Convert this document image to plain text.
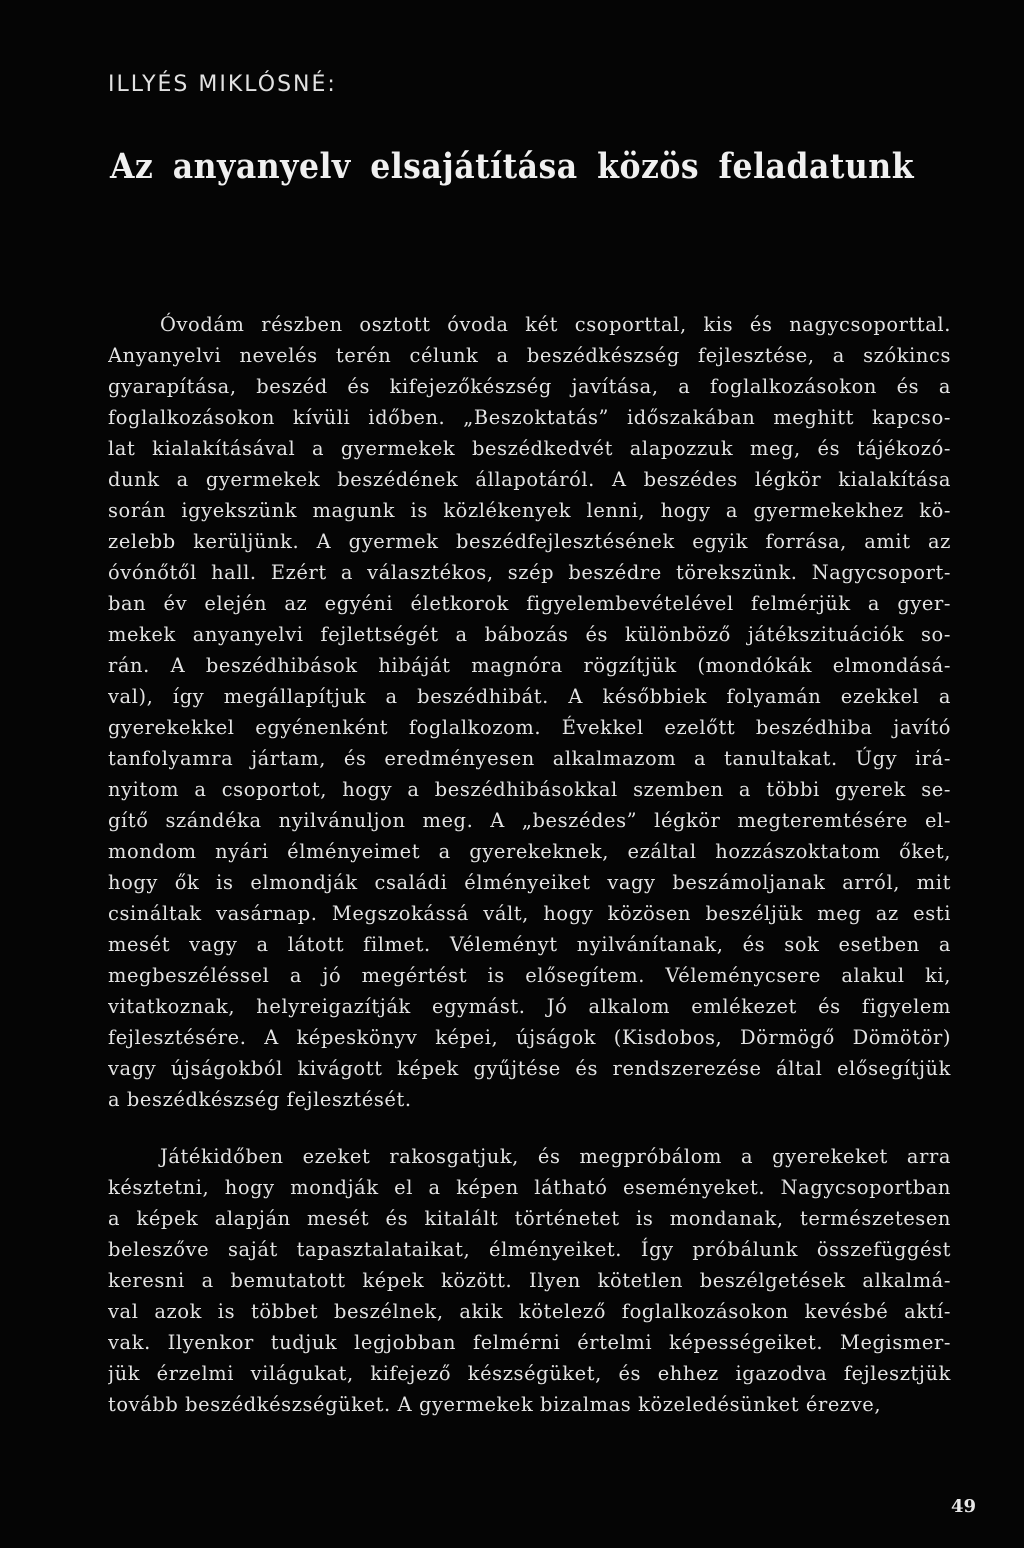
ILLYÉS MIKLÓSNÉ:
Az anyanyelv elsajátítása közös feladatunk
Óvodám részben osztott óvoda két csoporttal, kis és nagycsoporttal.
Anyanyelvi nevelés terén célunk a beszédkészség fejlesztése, a szókincs
gyarapítása, beszéd és kifejezőkészség javítása, a foglalkozásokon és a
foglalkozásokon kívüli időben. „Beszoktatás” időszakában meghitt kapcso-
lat kialakításával a gyermekek beszédkedvét alapozzuk meg, és tájékozó-
dunk a gyermekek beszédének állapotáról. A beszédes légkör kialakítása
során igyekszünk magunk is közlékenyek lenni, hogy a gyermekekhez kö-
zelebb kerüljünk. A gyermek beszédfejlesztésének egyik forrása, amit az
óvónőtől hall. Ezért a választékos, szép beszédre törekszünk. Nagycsoport-
ban év elején az egyéni életkorok figyelembevételével felmérjük a gyer-
mekek anyanyelvi fejlettségét a bábozás és különböző játékszituációk so-
rán. A beszédhibások hibáját magnóra rögzítjük (mondókák elmondásá-
val), így megállapítjuk a beszédhibát. A későbbiek folyamán ezekkel a
gyerekekkel egyénenként foglalkozom. Évekkel ezelőtt beszédhiba javító
tanfolyamra jártam, és eredményesen alkalmazom a tanultakat. Úgy irá-
nyitom a csoportot, hogy a beszédhibásokkal szemben a többi gyerek se-
gítő szándéka nyilvánuljon meg. A „beszédes” légkör megteremtésére el-
mondom nyári élményeimet a gyerekeknek, ezáltal hozzászoktatom őket,
hogy ők is elmondják családi élményeiket vagy beszámoljanak arról, mit
csináltak vasárnap. Megszokássá vált, hogy közösen beszéljük meg az esti
mesét vagy a látott filmet. Véleményt nyilvánítanak, és sok esetben a
megbeszéléssel a jó megértést is elősegítem. Véleménycsere alakul ki,
vitatkoznak, helyreigazítják egymást. Jó alkalom emlékezet és figyelem
fejlesztésére. A képeskönyv képei, újságok (Kisdobos, Dörmögő Dömötör)
vagy újságokból kivágott képek gyűjtése és rendszerezése által elősegítjük
a beszédkészség fejlesztését.
Játékidőben ezeket rakosgatjuk, és megpróbálom a gyerekeket arra
késztetni, hogy mondják el a képen látható eseményeket. Nagycsoportban
a képek alapján mesét és kitalált történetet is mondanak, természetesen
beleszőve saját tapasztalataikat, élményeiket. Így próbálunk összefüggést
keresni a bemutatott képek között. Ilyen kötetlen beszélgetések alkalmá-
val azok is többet beszélnek, akik kötelező foglalkozásokon kevésbé aktí-
vak. Ilyenkor tudjuk legjobban felmérni értelmi képességeiket. Megismer-
jük érzelmi világukat, kifejező készségüket, és ehhez igazodva fejlesztjük
tovább beszédkészségüket. A gyermekek bizalmas közeledésünket érezve,
49
